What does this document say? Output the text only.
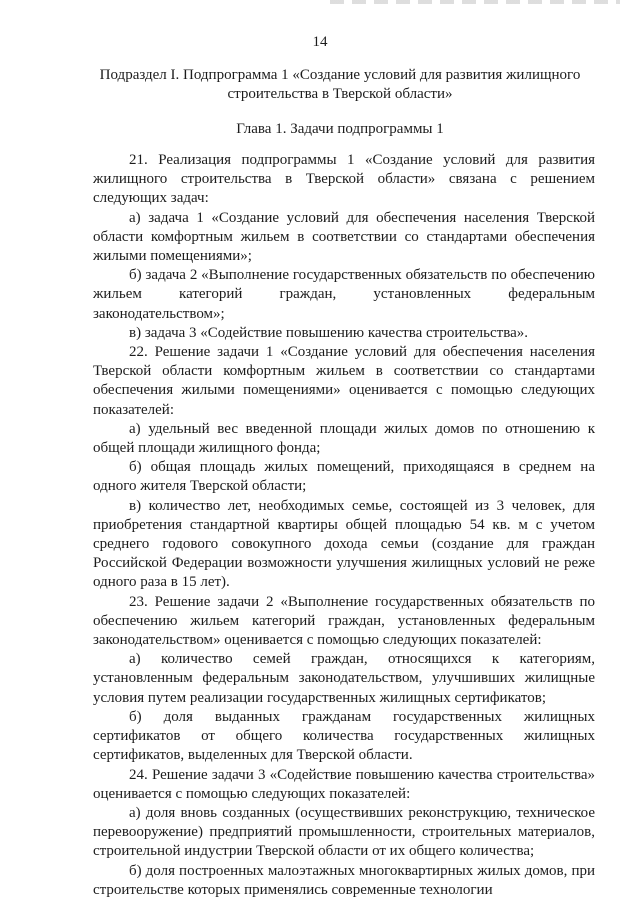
14
Подраздел I. Подпрограмма 1 «Создание условий для развития жилищного строительства в Тверской области»
Глава 1. Задачи подпрограммы 1

21. Реализация подпрограммы 1 «Создание условий для развития жилищного строительства в Тверской области» связана с решением следующих задач:

а) задача 1 «Создание условий для обеспечения населения Тверской области комфортным жильем в соответствии со стандартами обеспечения жилыми помещениями»;

б) задача 2 «Выполнение государственных обязательств по обеспечению жильем категорий граждан, установленных федеральным законодательством»;

в) задача 3 «Содействие повышению качества строительства».

22. Решение задачи 1 «Создание условий для обеспечения населения Тверской области комфортным жильем в соответствии со стандартами обеспечения жилыми помещениями» оценивается с помощью следующих показателей:

а) удельный вес введенной площади жилых домов по отношению к общей площади жилищного фонда;

б) общая площадь жилых помещений, приходящаяся в среднем на одного жителя Тверской области;

в) количество лет, необходимых семье, состоящей из 3 человек, для приобретения стандартной квартиры общей площадью 54 кв. м с учетом среднего годового совокупного дохода семьи (создание для граждан Российской Федерации возможности улучшения жилищных условий не реже одного раза в 15 лет).

23. Решение задачи 2 «Выполнение государственных обязательств по обеспечению жильем категорий граждан, установленных федеральным законодательством» оценивается с помощью следующих показателей:

а) количество семей граждан, относящихся к категориям, установленным федеральным законодательством, улучшивших жилищные условия путем реализации государственных жилищных сертификатов;

б) доля выданных гражданам государственных жилищных сертификатов от общего количества государственных жилищных сертификатов, выделенных для Тверской области.

24. Решение задачи 3 «Содействие повышению качества строительства» оценивается с помощью следующих показателей:

а) доля вновь созданных (осуществивших реконструкцию, техническое перевооружение) предприятий промышленности, строительных материалов, строительной индустрии Тверской области от их общего количества;

б) доля построенных малоэтажных многоквартирных жилых домов, при строительстве которых применялись современные технологии
